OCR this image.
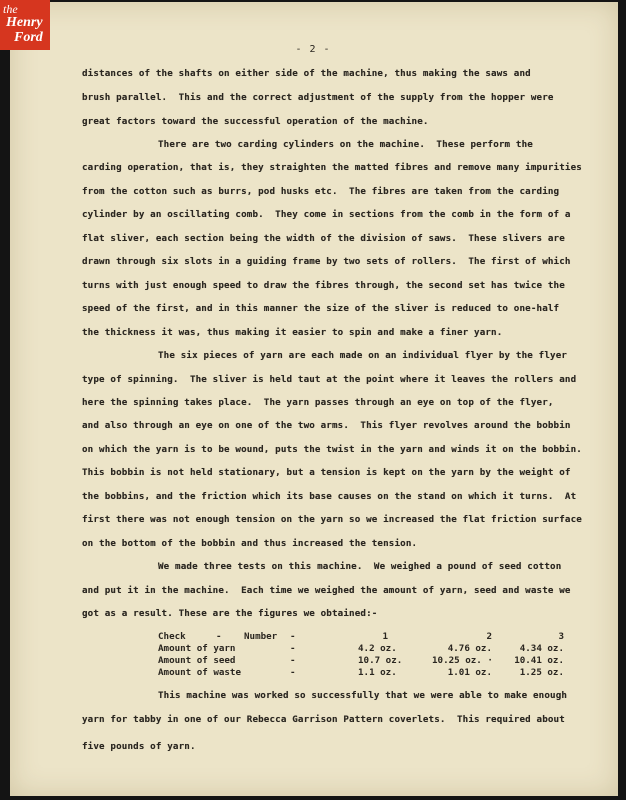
the
Henry
Ford
- 2 -
distances of the shafts on either side of the machine, thus making the saws and
brush parallel.  This and the correct adjustment of the supply from the hopper were
great factors toward the successful operation of the machine.
There are two carding cylinders on the machine.  These perform the
carding operation, that is, they straighten the matted fibres and remove many impurities
from the cotton such as burrs, pod husks etc.  The fibres are taken from the carding
cylinder by an oscillating comb.  They come in sections from the comb in the form of a
flat sliver, each section being the width of the division of saws.  These slivers are
drawn through six slots in a guiding frame by two sets of rollers.  The first of which
turns with just enough speed to draw the fibres through, the second set has twice the
speed of the first, and in this manner the size of the sliver is reduced to one-half
the thickness it was, thus making it easier to spin and make a finer yarn.
The six pieces of yarn are each made on an individual flyer by the flyer
type of spinning.  The sliver is held taut at the point where it leaves the rollers and
here the spinning takes place.  The yarn passes through an eye on top of the flyer,
and also through an eye on one of the two arms.  This flyer revolves around the bobbin
on which the yarn is to be wound, puts the twist in the yarn and winds it on the bobbin.
This bobbin is not held stationary, but a tension is kept on the yarn by the weight of
the bobbins, and the friction which its base causes on the stand on which it turns.  At
first there was not enough tension on the yarn so we increased the flat friction surface
on the bottom of the bobbin and thus increased the tension.
We made three tests on this machine.  We weighed a pound of seed cotton
and put it in the machine.  Each time we weighed the amount of yarn, seed and waste we
got as a result. These are the figures we obtained:-
Check	- Number -	1	2	3
Amount of yarn	-	4.2 oz.	4.76 oz.	4.34 oz.
Amount of seed	-	10.7 oz.	10.25 oz. ·	10.41 oz.
Amount of waste	-	1.1 oz.	1.01 oz.	1.25 oz.
This machine was worked so successfully that we were able to make enough
yarn for tabby in one of our Rebecca Garrison Pattern coverlets.  This required about
five pounds of yarn.
